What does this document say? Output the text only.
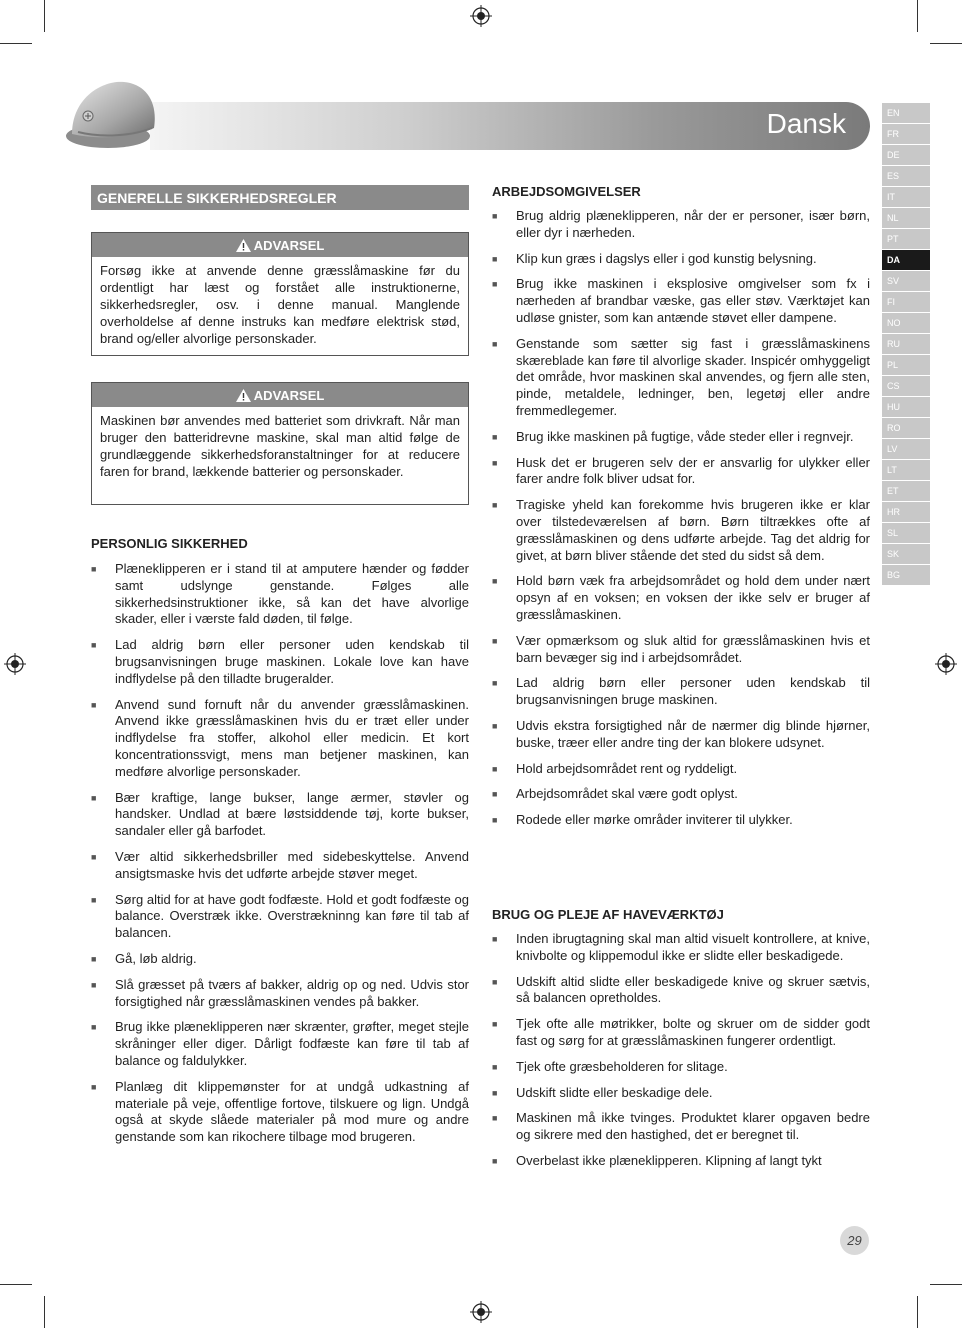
Dansk	EN
FR
DE
ES
IT
NL
PT
DA
SV
FI
NO
RU
PL
CS
HU
RO
LV
LT
ET
HR
SL
SK
BG
GENERELLE SIKKERHEDSREGLER
ADVARSEL
Forsøg ikke at anvende denne græsslåmaskine før du ordentligt har læst og forstået alle instruktionerne, sikkerhedsregler, osv. i denne manual. Manglende overholdelse af denne instruks kan medføre elektrisk stød, brand og/eller alvorlige personskader.
ADVARSEL
Maskinen bør anvendes med batteriet som drivkraft. Når man bruger den batteridrevne maskine, skal man altid følge de grundlæggende sikkerhedsforanstaltninger for at reducere faren for brand, lækkende batterier og personskader.
PERSONLIG SIKKERHED
■ Plæneklipperen er i stand til at amputere hænder og fødder samt udslynge genstande. Følges alle sikkerhedsinstruktioner ikke, så kan det have alvorlige skader, eller i værste fald døden, til følge.
■ Lad aldrig børn eller personer uden kendskab til brugsanvisningen bruge maskinen. Lokale love kan have indflydelse på den tilladte brugeralder.
■ Anvend sund fornuft når du anvender græsslåmaskinen. Anvend ikke græsslåmaskinen hvis du er træt eller under indflydelse fra stoffer, alkohol eller medicin. Et kort koncentrationssvigt, mens man betjener maskinen, kan medføre alvorlige personskader.
■ Bær kraftige, lange bukser, lange ærmer, støvler og handsker. Undlad at bære løstsiddende tøj, korte bukser, sandaler eller gå barfodet.
■ Vær altid sikkerhedsbriller med sidebeskyttelse. Anvend ansigtsmaske hvis det udførte arbejde støver meget.
■ Sørg altid for at have godt fodfæste. Hold et godt fodfæste og balance. Overstræk ikke. Overstrækninng kan føre til tab af balancen.
■ Gå, løb aldrig.
■ Slå græsset på tværs af bakker, aldrig op og ned. Udvis stor forsigtighed når græsslåmaskinen vendes på bakker.
■ Brug ikke plæneklipperen nær skrænter, grøfter, meget stejle skråninger eller diger. Dårligt fodfæste kan føre til tab af balance og faldulykker.
■ Planlæg dit klippemønster for at undgå udkastning af materiale på veje, offentlige fortove, tilskuere og lign. Undgå også at skyde slåede materialer på mod mure og andre genstande som kan rikochere tilbage mod brugeren.
ARBEJDSOMGIVELSER
■ Brug aldrig plæneklipperen, når der er personer, især børn, eller dyr i nærheden.
■ Klip kun græs i dagslys eller i god kunstig belysning.
■ Brug ikke maskinen i eksplosive omgivelser som fx i nærheden af brandbar væske, gas eller støv. Værktøjet kan udløse gnister, som kan antænde støvet eller dampene.
■ Genstande som sætter sig fast i græsslåmaskinens skæreblade kan føre til alvorlige skader. Inspicér omhyggeligt det område, hvor maskinen skal anvendes, og fjern alle sten, pinde, metaldele, ledninger, ben, legetøj eller andre fremmedlegemer.
■ Brug ikke maskinen på fugtige, våde steder eller i regnvejr.
■ Husk det er brugeren selv der er ansvarlig for ulykker eller farer andre folk bliver udsat for.
■ Tragiske yheld kan forekomme hvis brugeren ikke er klar over tilstedeværelsen af børn. Børn tiltrækkes ofte af græsslåmaskinen og dens udførte arbejde. Tag det aldrig for givet, at børn bliver stående det sted du sidst så dem.
■ Hold børn væk fra arbejdsområdet og hold dem under nært opsyn af en voksen; en voksen der ikke selv er bruger af græsslåmaskinen.
■ Vær opmærksom og sluk altid for græsslåmaskinen hvis et barn bevæger sig ind i arbejdsområdet.
■ Lad aldrig børn eller personer uden kendskab til brugsanvisningen bruge maskinen.
■ Udvis ekstra forsigtighed når de nærmer dig blinde hjørner, buske, træer eller andre ting der kan blokere udsynet.
■ Hold arbejdsområdet rent og ryddeligt.
■ Arbejdsområdet skal være godt oplyst.
■ Rodede eller mørke områder inviterer til ulykker.
BRUG OG PLEJE AF HAVEVÆRKTØJ
■ Inden ibrugtagning skal man altid visuelt kontrollere, at knive, knivbolte og klippemodul ikke er slidte eller beskadigede.
■ Udskift altid slidte eller beskadigede knive og skruer sætvis, så balancen opretholdes.
■ Tjek ofte alle møtrikker, bolte og skruer om de sidder godt fast og sørg for at græsslåmaskinen fungerer ordentligt.
■ Tjek ofte græsbeholderen for slitage.
■ Udskift slidte eller beskadige dele.
■ Maskinen må ikke tvinges. Produktet klarer opgaven bedre og sikrere med den hastighed, det er beregnet til.
■ Overbelast ikke plæneklipperen. Klipning af langt tykt
29
